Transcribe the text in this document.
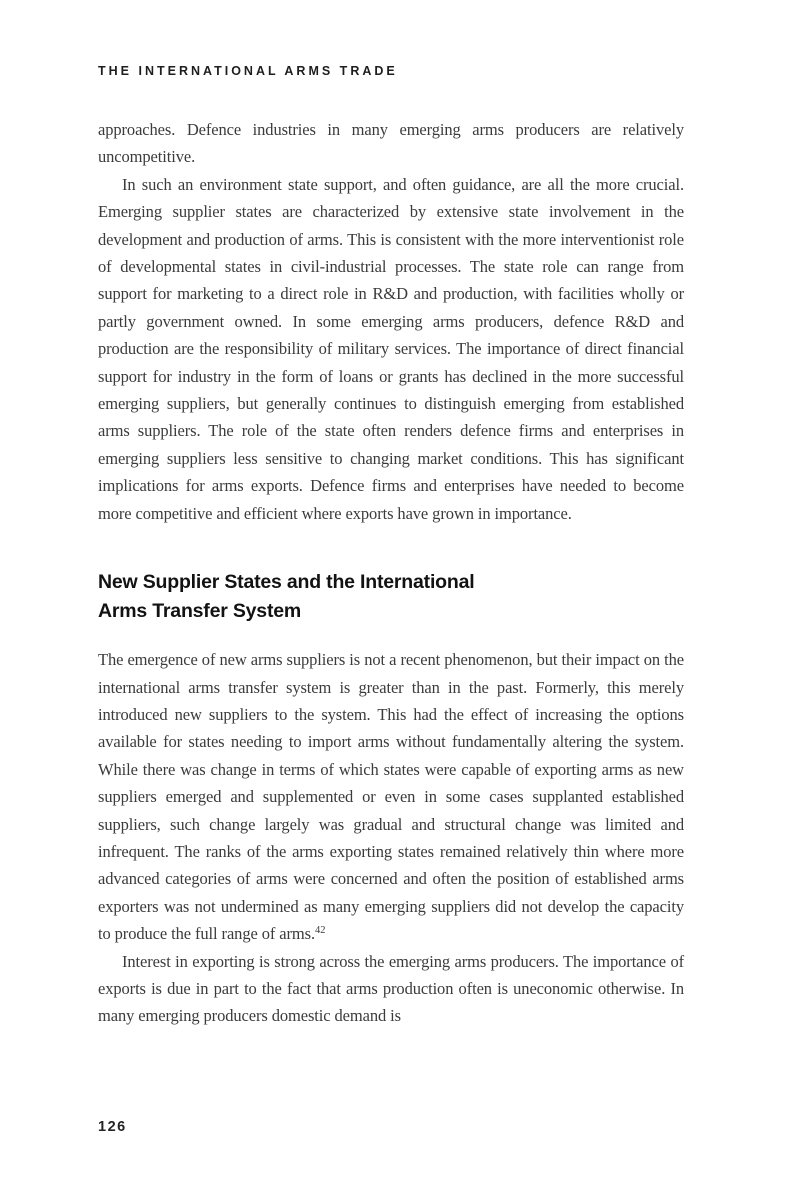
THE INTERNATIONAL ARMS TRADE

approaches. Defence industries in many emerging arms producers are relatively uncompetitive.

In such an environment state support, and often guidance, are all the more crucial. Emerging supplier states are characterized by extensive state involvement in the development and production of arms. This is consistent with the more interventionist role of developmental states in civil-industrial processes. The state role can range from support for marketing to a direct role in R&D and production, with facilities wholly or partly government owned. In some emerging arms producers, defence R&D and production are the responsibility of military services. The importance of direct financial support for industry in the form of loans or grants has declined in the more successful emerging suppliers, but generally continues to distinguish emerging from established arms suppliers. The role of the state often renders defence firms and enterprises in emerging suppliers less sensitive to changing market conditions. This has significant implications for arms exports. Defence firms and enterprises have needed to become more competitive and efficient where exports have grown in importance.

New Supplier States and the International
Arms Transfer System

The emergence of new arms suppliers is not a recent phenomenon, but their impact on the international arms transfer system is greater than in the past. Formerly, this merely introduced new suppliers to the system. This had the effect of increasing the options available for states needing to import arms without fundamentally altering the system. While there was change in terms of which states were capable of exporting arms as new suppliers emerged and supplemented or even in some cases supplanted established suppliers, such change largely was gradual and structural change was limited and infrequent. The ranks of the arms exporting states remained relatively thin where more advanced categories of arms were concerned and often the position of established arms exporters was not undermined as many emerging suppliers did not develop the capacity to produce the full range of arms.$^{42}$

Interest in exporting is strong across the emerging arms producers. The importance of exports is due in part to the fact that arms production often is uneconomic otherwise. In many emerging producers domestic demand is

126
